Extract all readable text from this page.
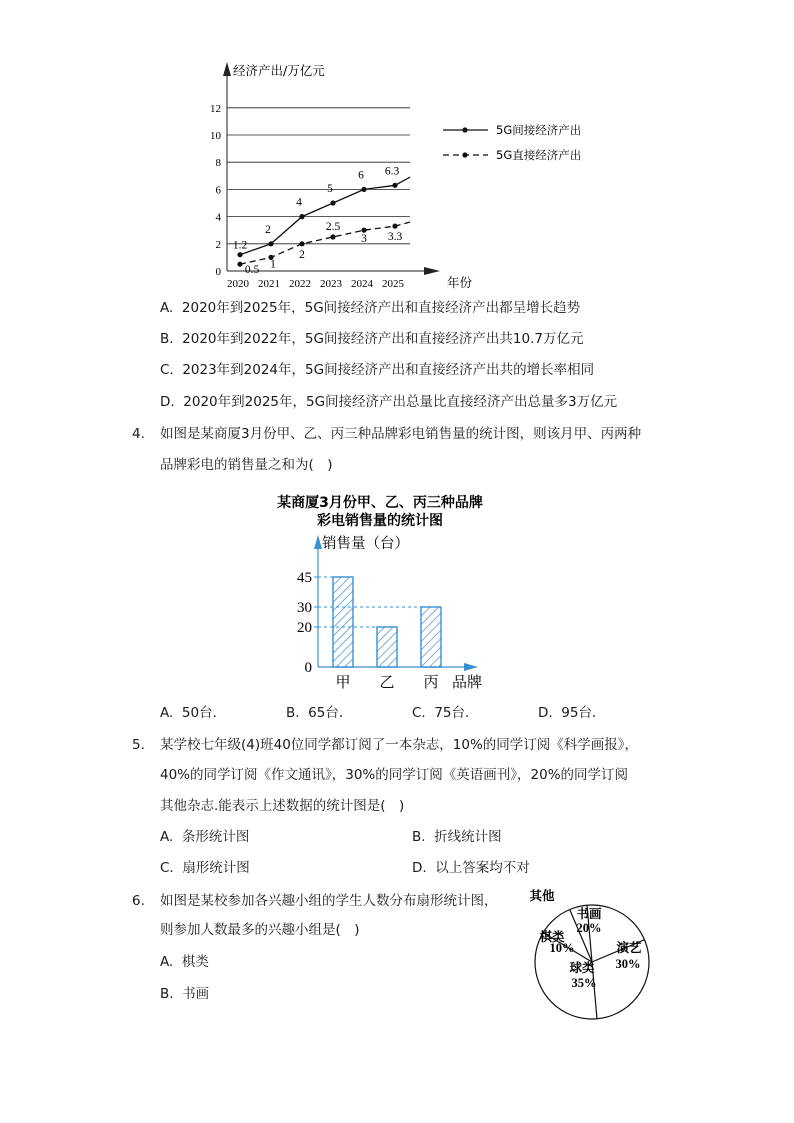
0
2
4
6
8
10
12
2020 2021 2022 2023 2024 2025
经济产出/万亿元
年份
1.2
2
4
5
6 6.3
0.5 1
2
2.5
3 3.3
5G间接经济产出
5G直接经济产出
A. 2020年到2025年，5G间接经济产出和直接经济产出都呈增长趋势
B. 2020年到2022年，5G间接经济产出和直接经济产出共10.7万亿元
C. 2023年到2024年，5G间接经济产出和直接经济产出共的增长率相同
D. 2020年到2025年，5G间接经济产出总量比直接经济产出总量多3万亿元
4. 如图是某商厦3月份甲、乙、丙三种品牌彩电销售量的统计图，则该月甲、丙两种
品牌彩电的销售量之和为(　)
某商厦3月份甲、乙、丙三种品牌
彩电销售量的统计图
销售量（台）
0
20
30
45
甲 乙 丙 品牌
A. 50台．	B. 65台．	C. 75台．	D. 95台．
5. 某学校七年级(4)班40位同学都订阅了一本杂志，10%的同学订阅《科学画报》，
40%的同学订阅《作文通讯》，30%的同学订阅《英语画刊》，20%的同学订阅
其他杂志.能表示上述数据的统计图是(　)
A. 条形统计图	B. 折线统计图
C. 扇形统计图	D. 以上答案均不对
6. 如图是某校参加各兴趣小组的学生人数分布扇形统计图，
则参加人数最多的兴趣小组是(　)
A. 棋类
B. 书画
书画
20%
演艺
30%
球类
35%
棋类
10%
其他
